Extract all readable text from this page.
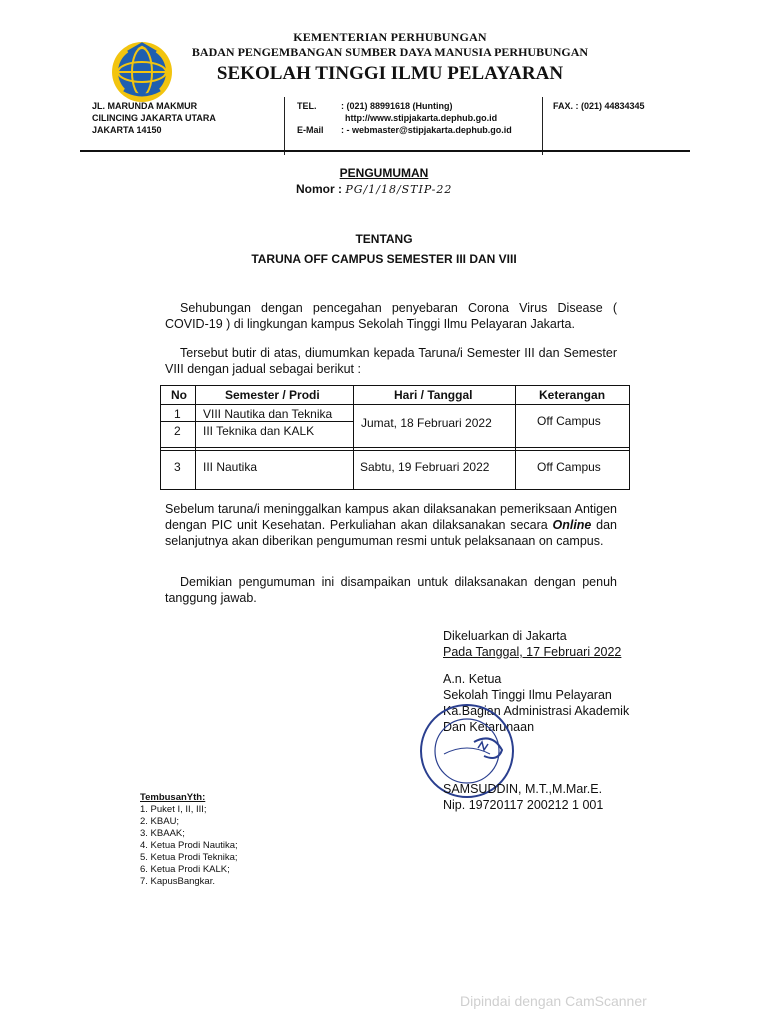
KEMENTERIAN PERHUBUNGAN
BADAN PENGEMBANGAN SUMBER DAYA MANUSIA PERHUBUNGAN
SEKOLAH TINGGI ILMU PELAYARAN
JL. MARUNDA MAKMUR
CILINCING JAKARTA UTARA
JAKARTA 14150
TEL.	: (021) 88991618 (Hunting)
http://www.stipjakarta.dephub.go.id
E-Mail : - webmaster@stipjakarta.dephub.go.id
FAX. : (021) 44834345
PENGUMUMAN
Nomor : PG/1/18/STIP-22
TENTANG
TARUNA OFF CAMPUS SEMESTER III DAN VIII
Sehubungan dengan pencegahan penyebaran Corona Virus Disease ( COVID-19 ) di lingkungan kampus Sekolah Tinggi Ilmu Pelayaran Jakarta.
Tersebut butir di atas, diumumkan kepada Taruna/i Semester III dan Semester VIII dengan jadual sebagai berikut :
No	Semester / Prodi	Hari / Tanggal	Keterangan
1 VIII Nautika dan Teknika
2 III Teknika dan KALK
Jumat, 18 Februari 2022	Off Campus
3 III Nautika	Sabtu, 19 Februari 2022	Off Campus
Sebelum taruna/i meninggalkan kampus akan dilaksanakan pemeriksaan Antigen dengan PIC unit Kesehatan. Perkuliahan akan dilaksanakan secara Online dan selanjutnya akan diberikan pengumuman resmi untuk pelaksanaan on campus.
Demikian pengumuman ini disampaikan untuk dilaksanakan dengan penuh tanggung jawab.
Dikeluarkan di Jakarta
Pada Tanggal, 17 Februari 2022
A.n. Ketua
Sekolah Tinggi Ilmu Pelayaran
Ka.Bagian Administrasi Akademik
Dan Ketarunaan
SAMSUDDIN, M.T.,M.Mar.E.
Nip. 19720117 200212 1 001
TembusanYth:
1. Puket I, II, III;
2. KBAU;
3. KBAAK;
4. Ketua Prodi Nautika;
5. Ketua Prodi Teknika;
6. Ketua Prodi KALK;
7. KapusBangkar.
Dipindai dengan CamScanner
